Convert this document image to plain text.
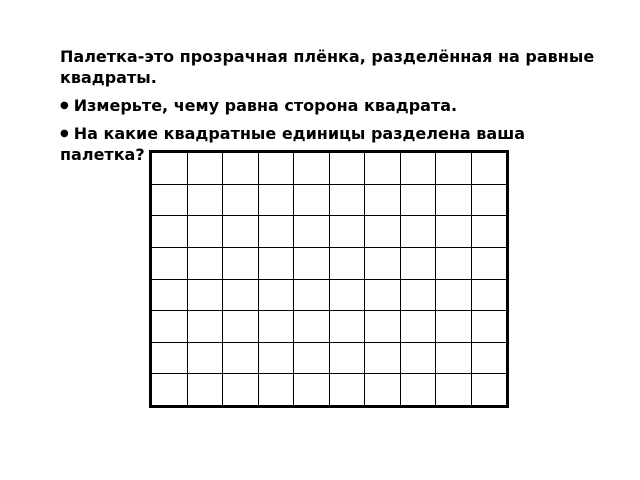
Палетка-это прозрачная плёнка, разделённая на равные квадраты.

● Измерьте, чему равна сторона квадрата.

● На какие квадратные единицы разделена ваша палетка?
